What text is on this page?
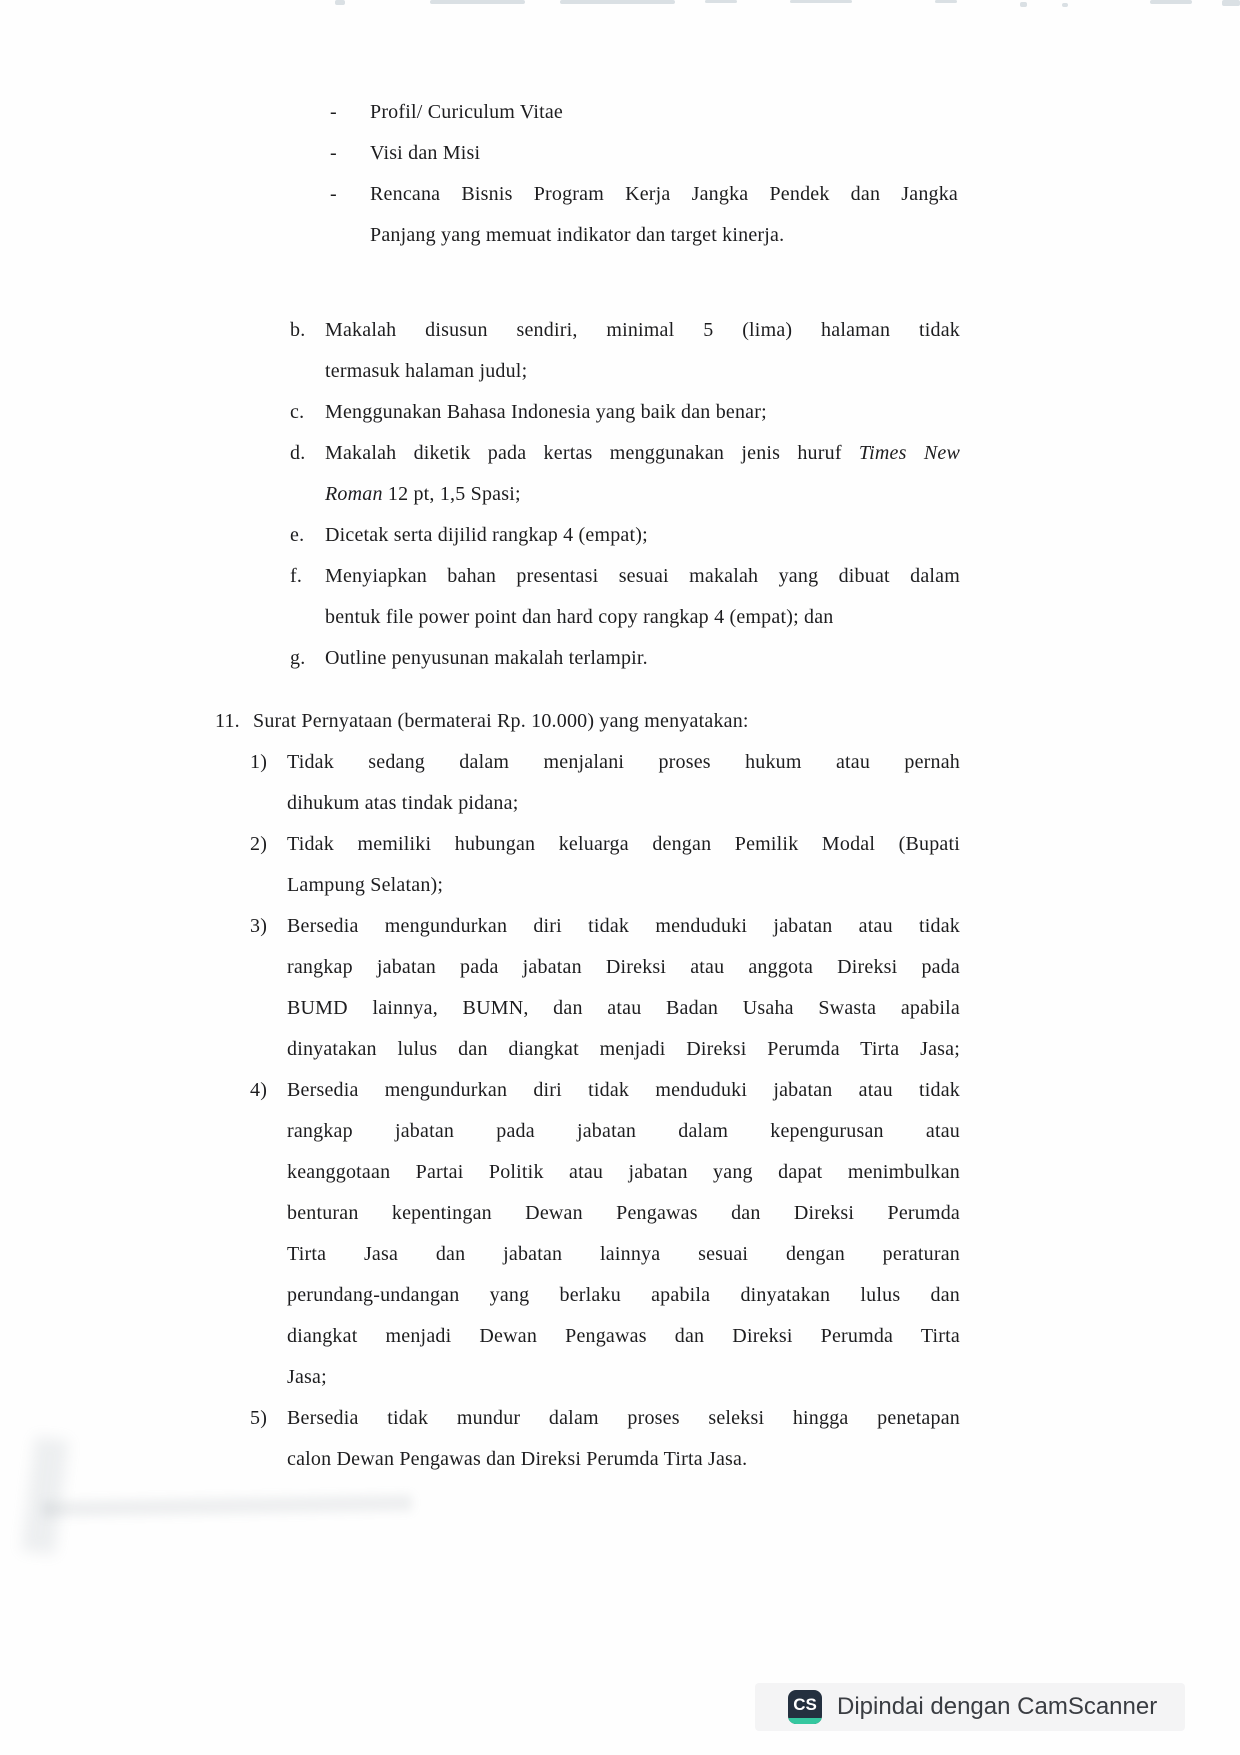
- Profil/ Curiculum Vitae
- Visi dan Misi
- Rencana Bisnis Program Kerja Jangka Pendek dan Jangka
Panjang yang memuat indikator dan target kinerja.
b. Makalah disusun sendiri, minimal 5 (lima) halaman tidak
termasuk halaman judul;
c. Menggunakan Bahasa Indonesia yang baik dan benar;
d. Makalah diketik pada kertas menggunakan jenis huruf Times New
Roman 12 pt, 1,5 Spasi;
e. Dicetak serta dijilid rangkap 4 (empat);
f. Menyiapkan bahan presentasi sesuai makalah yang dibuat dalam
bentuk file power point dan hard copy rangkap 4 (empat); dan
g. Outline penyusunan makalah terlampir.
11. Surat Pernyataan (bermaterai Rp. 10.000) yang menyatakan:
1) Tidak sedang dalam menjalani proses hukum atau pernah
dihukum atas tindak pidana;
2) Tidak memiliki hubungan keluarga dengan Pemilik Modal (Bupati
Lampung Selatan);
3) Bersedia mengundurkan diri tidak menduduki jabatan atau tidak
rangkap jabatan pada jabatan Direksi atau anggota Direksi pada
BUMD lainnya, BUMN, dan atau Badan Usaha Swasta apabila
dinyatakan lulus dan diangkat menjadi Direksi Perumda Tirta Jasa;
4) Bersedia mengundurkan diri tidak menduduki jabatan atau tidak
rangkap jabatan pada jabatan dalam kepengurusan atau
keanggotaan Partai Politik atau jabatan yang dapat menimbulkan
benturan kepentingan Dewan Pengawas dan Direksi Perumda
Tirta Jasa dan jabatan lainnya sesuai dengan peraturan
perundang-undangan yang berlaku apabila dinyatakan lulus dan
diangkat menjadi Dewan Pengawas dan Direksi Perumda Tirta
Jasa;
5) Bersedia tidak mundur dalam proses seleksi hingga penetapan
calon Dewan Pengawas dan Direksi Perumda Tirta Jasa.
CS Dipindai dengan CamScanner
